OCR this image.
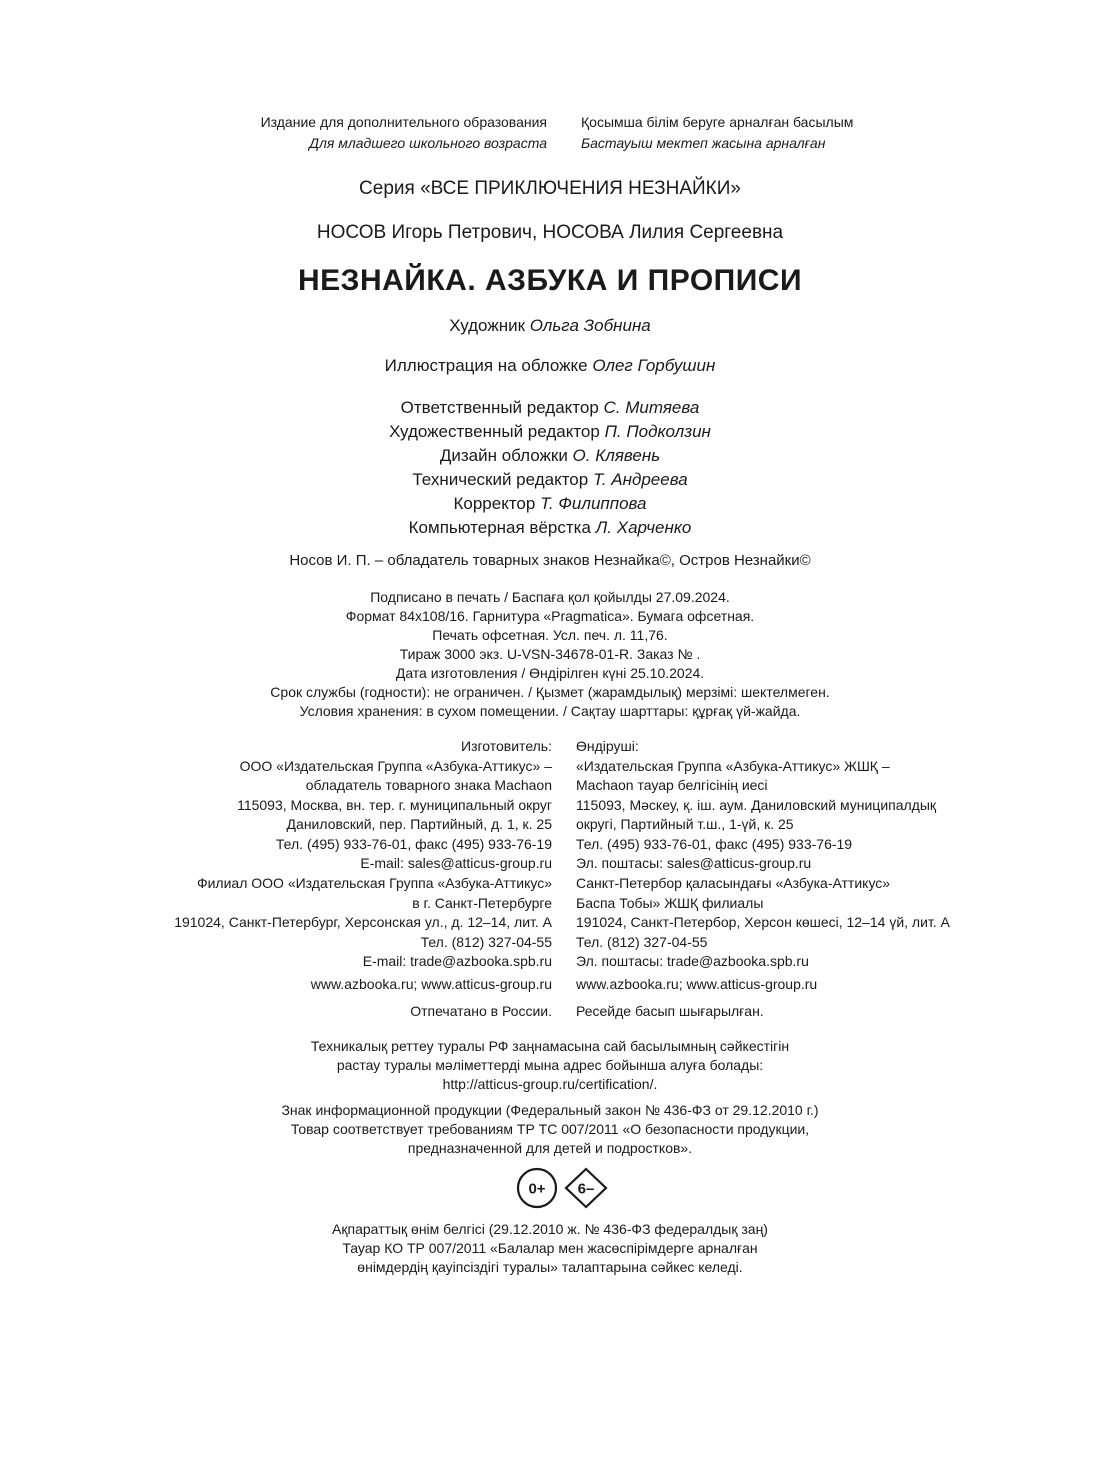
Издание для дополнительного образования
Для младшего школьного возраста
Қосымша білім беруге арналған басылым
Бастауыш мектеп жасына арналған
Серия «ВСЕ ПРИКЛЮЧЕНИЯ НЕЗНАЙКИ»
НОСОВ Игорь Петрович, НОСОВА Лилия Сергеевна
НЕЗНАЙКА. АЗБУКА И ПРОПИСИ
Художник Ольга Зобнина
Иллюстрация на обложке Олег Горбушин
Ответственный редактор С. Митяева
Художественный редактор П. Подколзин
Дизайн обложки О. Клявень
Технический редактор Т. Андреева
Корректор Т. Филиппова
Компьютерная вёрстка Л. Харченко
Носов И. П. – обладатель товарных знаков Незнайка©, Остров Незнайки©
Подписано в печать / Баспаға қол қойылды 27.09.2024.
Формат 84х108/16. Гарнитура «Pragmatica». Бумага офсетная.
Печать офсетная. Усл. печ. л. 11,76.
Тираж 3000 экз. U-VSN-34678-01-R. Заказ № .
Дата изготовления / Өндірілген күні 25.10.2024.
Срок службы (годности): не ограничен. / Қызмет (жарамдылық) мерзімі: шектелмеген.
Условия хранения: в сухом помещении. / Сақтау шарттары: құрғақ үй-жайда.
Изготовитель:
ООО «Издательская Группа «Азбука-Аттикус» –
обладатель товарного знака Machaon
115093, Москва, вн. тер. г. муниципальный округ
Даниловский, пер. Партийный, д. 1, к. 25
Тел. (495) 933-76-01, факс (495) 933-76-19
E-mail: sales@atticus-group.ru
Өндіруші:
«Издательская Группа «Азбука-Аттикус» ЖШҚ –
Machaon тауар белгісінің иесі
115093, Мәскеу, қ. іш. аум. Даниловский муниципалдық
округі, Партийный т.ш., 1-үй, к. 25
Тел. (495) 933-76-01, факс (495) 933-76-19
Эл. поштасы: sales@atticus-group.ru
Филиал ООО «Издательская Группа «Азбука-Аттикус»
в г. Санкт-Петербурге
191024, Санкт-Петербург, Херсонская ул., д. 12–14, лит. А
Тел. (812) 327-04-55
E-mail: trade@azbooka.spb.ru
Санкт-Петербор қаласындағы «Азбука-Аттикус»
Баспа Тобы» ЖШҚ филиалы
191024, Санкт-Петербор, Херсон көшесі, 12–14 үй, лит. А
Тел. (812) 327-04-55
Эл. поштасы: trade@azbooka.spb.ru
www.azbooka.ru; www.atticus-group.ru www.azbooka.ru; www.atticus-group.ru
Отпечатано в России. Ресейде басып шығарылған.
Техникалық реттеу туралы РФ заңнамасына сай басылымның сәйкестігін
растау туралы мәліметтерді мына адрес бойынша алуға болады:
http://atticus-group.ru/certification/.
Знак информационной продукции (Федеральный закон № 436-ФЗ от 29.12.2010 г.)
Товар соответствует требованиям ТР ТС 007/2011 «О безопасности продукции,
предназначенной для детей и подростков».
0+ 6–
Ақпараттық өнім белгісі (29.12.2010 ж. № 436-ФЗ федералдық заң)
Тауар КО ТР 007/2011 «Балалар мен жасөспірімдерге арналған
өнімдердің қауіпсіздігі туралы» талаптарына сәйкес келеді.
